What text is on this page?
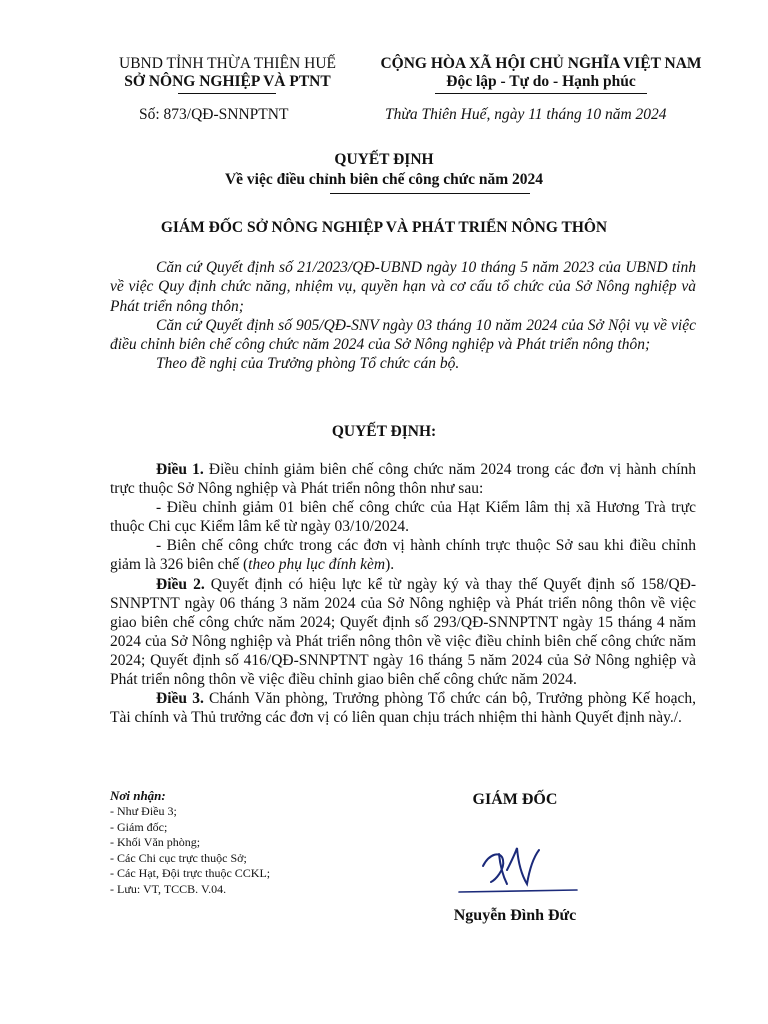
UBND TỈNH THỪA THIÊN HUẾ
SỞ NÔNG NGHIỆP VÀ PTNT
CỘNG HÒA XÃ HỘI CHỦ NGHĨA VIỆT NAM
Độc lập - Tự do - Hạnh phúc
Số: 873/QĐ-SNNPTNT	Thừa Thiên Huế, ngày 11 tháng 10 năm 2024
QUYẾT ĐỊNH
Về việc điều chỉnh biên chế công chức năm 2024
GIÁM ĐỐC SỞ NÔNG NGHIỆP VÀ PHÁT TRIỂN NÔNG THÔN

Căn cứ Quyết định số 21/2023/QĐ-UBND ngày 10 tháng 5 năm 2023 của UBND tỉnh về việc Quy định chức năng, nhiệm vụ, quyền hạn và cơ cấu tổ chức của Sở Nông nghiệp và Phát triển nông thôn;

Căn cứ Quyết định số 905/QĐ-SNV ngày 03 tháng 10 năm 2024 của Sở Nội vụ về việc điều chỉnh biên chế công chức năm 2024 của Sở Nông nghiệp và Phát triển nông thôn;

Theo đề nghị của Trưởng phòng Tổ chức cán bộ.

QUYẾT ĐỊNH:

Điều 1. Điều chỉnh giảm biên chế công chức năm 2024 trong các đơn vị hành chính trực thuộc Sở Nông nghiệp và Phát triển nông thôn như sau:

- Điều chỉnh giảm 01 biên chế công chức của Hạt Kiểm lâm thị xã Hương Trà trực thuộc Chi cục Kiểm lâm kể từ ngày 03/10/2024.

- Biên chế công chức trong các đơn vị hành chính trực thuộc Sở sau khi điều chỉnh giảm là 326 biên chế (theo phụ lục đính kèm).

Điều 2. Quyết định có hiệu lực kể từ ngày ký và thay thế Quyết định số 158/QĐ-SNNPTNT ngày 06 tháng 3 năm 2024 của Sở Nông nghiệp và Phát triển nông thôn về việc giao biên chế công chức năm 2024; Quyết định số 293/QĐ-SNNPTNT ngày 15 tháng 4 năm 2024 của Sở Nông nghiệp và Phát triển nông thôn về việc điều chỉnh biên chế công chức năm 2024; Quyết định số 416/QĐ-SNNPTNT ngày 16 tháng 5 năm 2024 của Sở Nông nghiệp và Phát triển nông thôn về việc điều chỉnh giao biên chế công chức năm 2024.

Điều 3. Chánh Văn phòng, Trưởng phòng Tổ chức cán bộ, Trưởng phòng Kế hoạch, Tài chính và Thủ trưởng các đơn vị có liên quan chịu trách nhiệm thi hành Quyết định này./.

Nơi nhận:
- Như Điều 3;
- Giám đốc;
- Khối Văn phòng;
- Các Chi cục trực thuộc Sở;
- Các Hạt, Đội trực thuộc CCKL;
- Lưu: VT, TCCB. V.04.
GIÁM ĐỐC
Nguyễn Đình Đức
